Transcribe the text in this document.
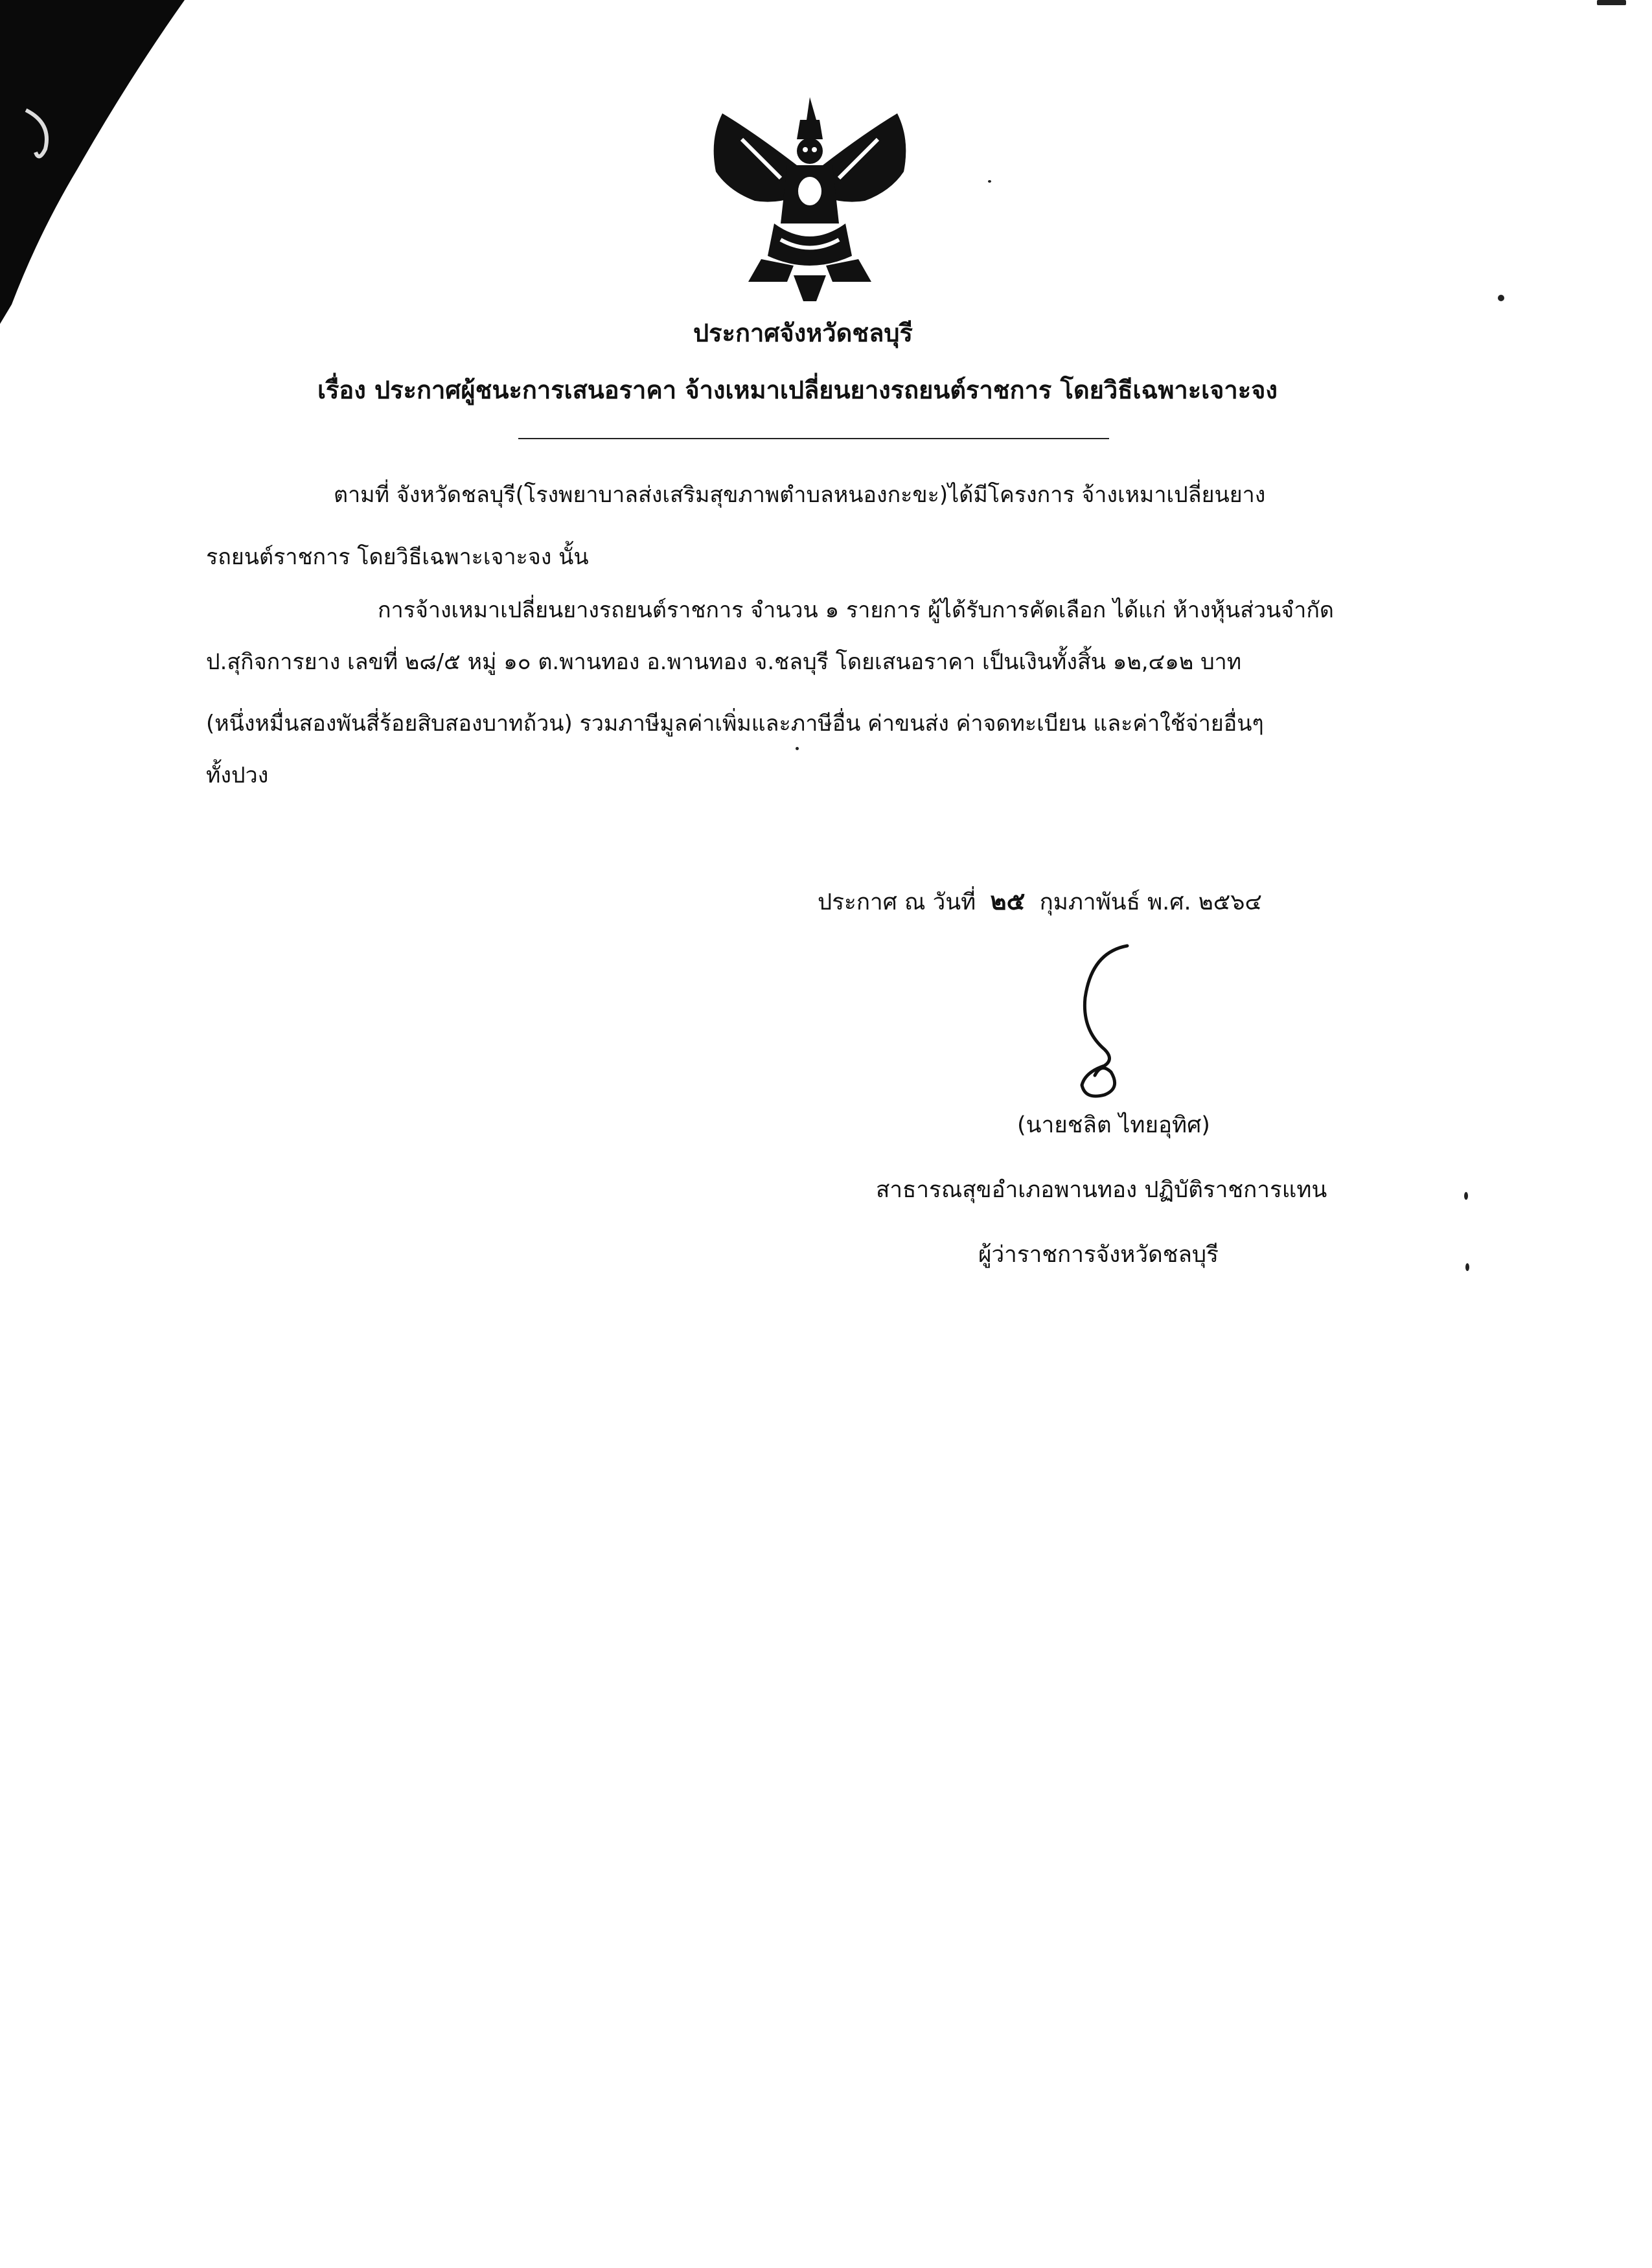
ประกาศจังหวัดชลบุรี

เรื่อง ประกาศผู้ชนะการเสนอราคา จ้างเหมาเปลี่ยนยางรถยนต์ราชการ โดยวิธีเฉพาะเจาะจง

ตามที่ จังหวัดชลบุรี(โรงพยาบาลส่งเสริมสุขภาพตำบลหนองกะขะ)ได้มีโครงการ จ้างเหมาเปลี่ยนยาง

รถยนต์ราชการ โดยวิธีเฉพาะเจาะจง นั้น

การจ้างเหมาเปลี่ยนยางรถยนต์ราชการ จำนวน ๑ รายการ ผู้ได้รับการคัดเลือก ได้แก่ ห้างหุ้นส่วนจำกัด

ป.สุกิจการยาง เลขที่ ๒๘/๕ หมู่ ๑๐ ต.พานทอง อ.พานทอง จ.ชลบุรี โดยเสนอราคา เป็นเงินทั้งสิ้น ๑๒,๔๑๒ บาท

(หนึ่งหมื่นสองพันสี่ร้อยสิบสองบาทถ้วน) รวมภาษีมูลค่าเพิ่มและภาษีอื่น ค่าขนส่ง ค่าจดทะเบียน และค่าใช้จ่ายอื่นๆ

ทั้งปวง

ประกาศ ณ วันที่ ๒๕ กุมภาพันธ์ พ.ศ. ๒๕๖๔

(นายชลิต ไทยอุทิศ)

สาธารณสุขอำเภอพานทอง ปฏิบัติราชการแทน

ผู้ว่าราชการจังหวัดชลบุรี
